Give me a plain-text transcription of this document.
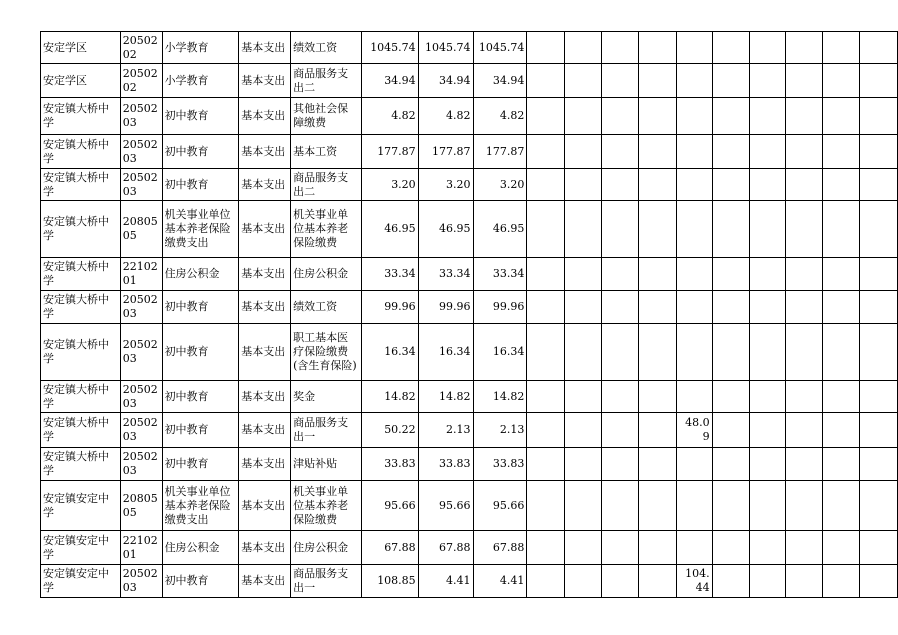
安定学区	2050202	小学教育	基本支出	绩效工资	1045.74	1045.74	1045.74										
安定学区	2050202	小学教育	基本支出	商品服务支出二	34.94	34.94	34.94										
安定镇大桥中学	2050203	初中教育	基本支出	其他社会保障缴费	4.82	4.82	4.82										
安定镇大桥中学	2050203	初中教育	基本支出	基本工资	177.87	177.87	177.87										
安定镇大桥中学	2050203	初中教育	基本支出	商品服务支出二	3.20	3.20	3.20										
安定镇大桥中学	2080505	机关事业单位基本养老保险缴费支出	基本支出	机关事业单位基本养老保险缴费	46.95	46.95	46.95										
安定镇大桥中学	2210201	住房公积金	基本支出	住房公积金	33.34	33.34	33.34										
安定镇大桥中学	2050203	初中教育	基本支出	绩效工资	99.96	99.96	99.96										
安定镇大桥中学	2050203	初中教育	基本支出	职工基本医疗保险缴费(含生育保险)	16.34	16.34	16.34										
安定镇大桥中学	2050203	初中教育	基本支出	奖金	14.82	14.82	14.82										
安定镇大桥中学	2050203	初中教育	基本支出	商品服务支出一	50.22	2.13	2.13					48.09					
安定镇大桥中学	2050203	初中教育	基本支出	津贴补贴	33.83	33.83	33.83										
安定镇安定中学	2080505	机关事业单位基本养老保险缴费支出	基本支出	机关事业单位基本养老保险缴费	95.66	95.66	95.66										
安定镇安定中学	2210201	住房公积金	基本支出	住房公积金	67.88	67.88	67.88										
安定镇安定中学	2050203	初中教育	基本支出	商品服务支出一	108.85	4.41	4.41					104.44					
